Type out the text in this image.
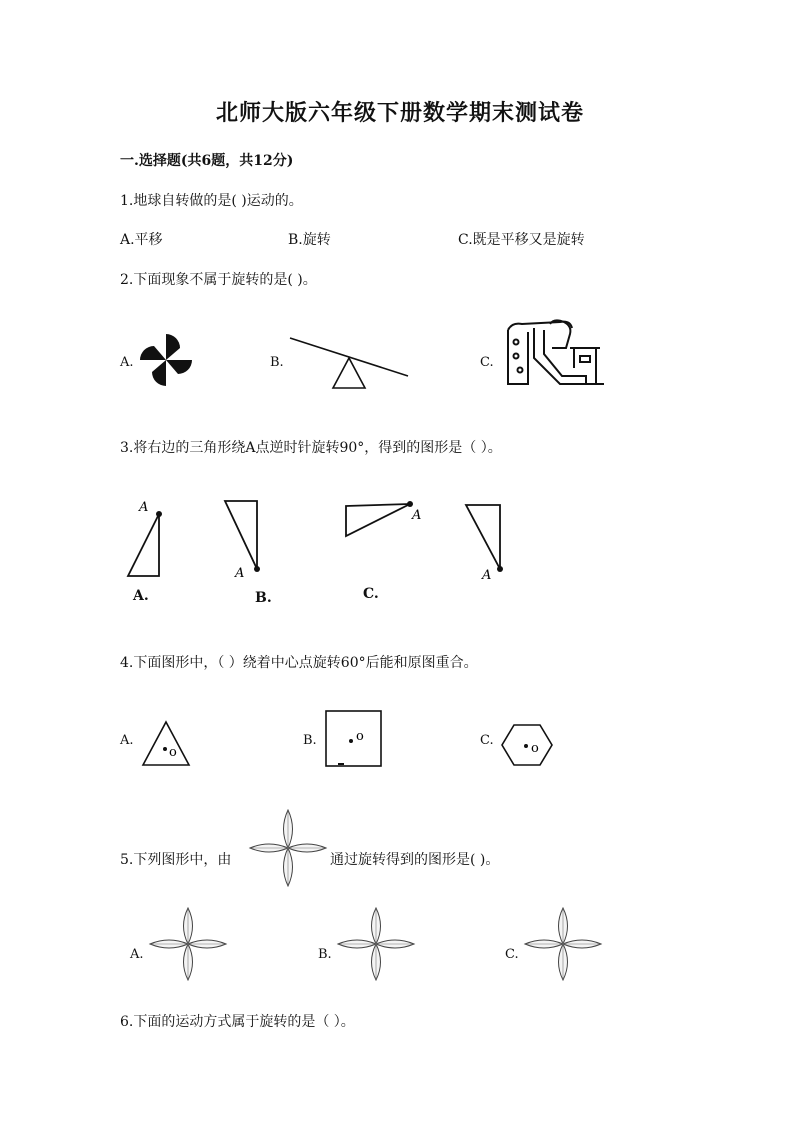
北师大版六年级下册数学期末测试卷
一.选择题(共6题，共12分)
1.地球自转做的是( )运动的。
A.平移	B.旋转	C.既是平移又是旋转
2.下面现象不属于旋转的是( )。
A.	B.	C.
3.将右边的三角形绕A点逆时针旋转90°，得到的图形是（ ）。
A
A.
A
B.
A
C.
A
4.下面图形中，（ ）绕着中心点旋转60°后能和原图重合。
A.
o
B.	o	C.
o
5.下列图形中，由	通过旋转得到的图形是( )。
A.	B.	C.
6.下面的运动方式属于旋转的是（ ）。
